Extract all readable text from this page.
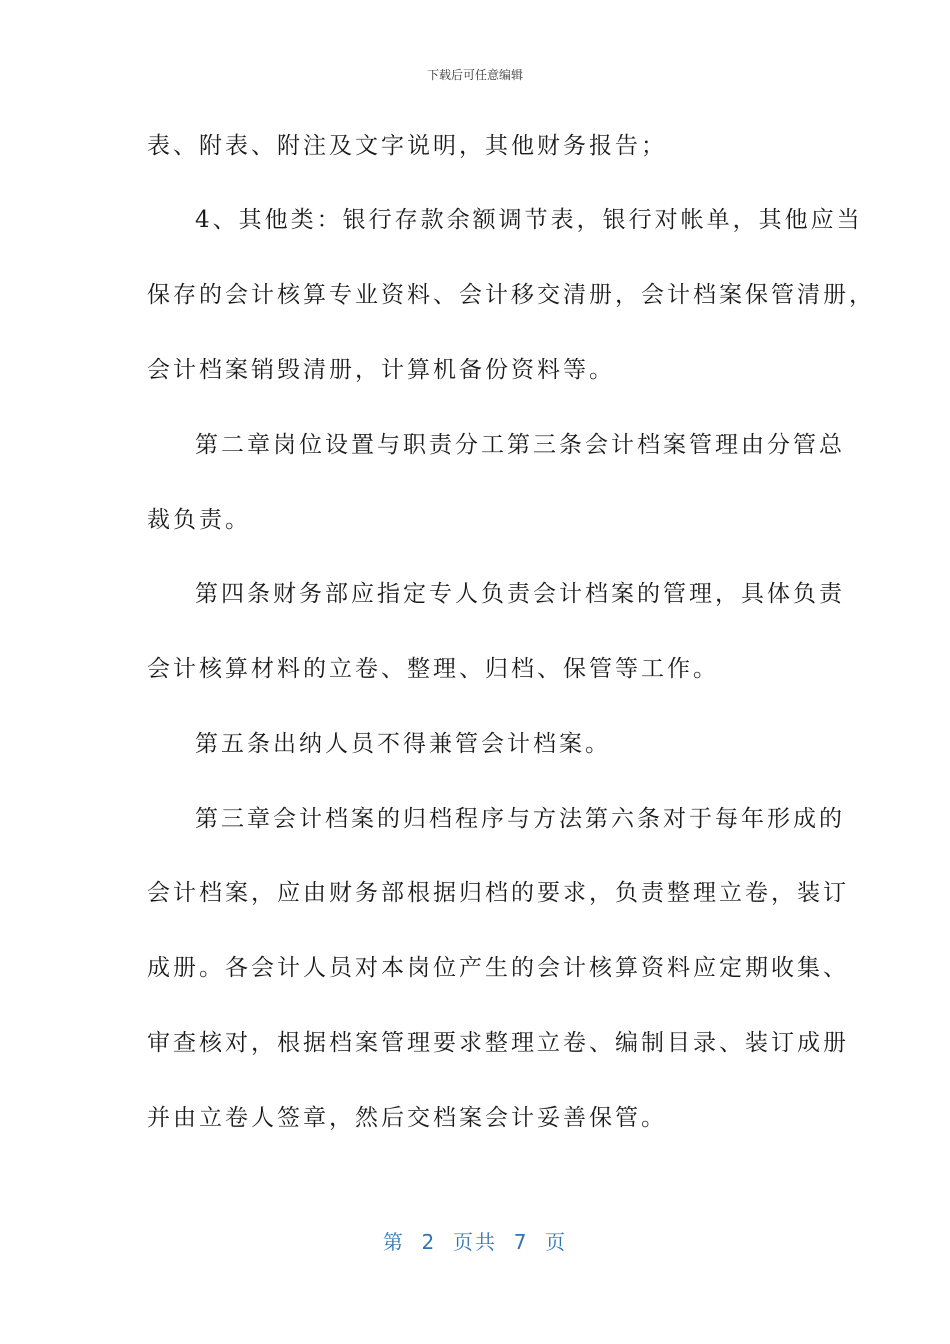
下载后可任意编辑
表、附表、附注及文字说明，其他财务报告；
4、其他类：银行存款余额调节表，银行对帐单，其他应当
保存的会计核算专业资料、会计移交清册，会计档案保管清册，
会计档案销毁清册，计算机备份资料等。
第二章岗位设置与职责分工第三条会计档案管理由分管总
裁负责。
第四条财务部应指定专人负责会计档案的管理，具体负责
会计核算材料的立卷、整理、归档、保管等工作。
第五条出纳人员不得兼管会计档案。
第三章会计档案的归档程序与方法第六条对于每年形成的
会计档案，应由财务部根据归档的要求，负责整理立卷，装订
成册。各会计人员对本岗位产生的会计核算资料应定期收集、
审查核对，根据档案管理要求整理立卷、编制目录、装订成册
并由立卷人签章，然后交档案会计妥善保管。
第  2  页共  7  页
